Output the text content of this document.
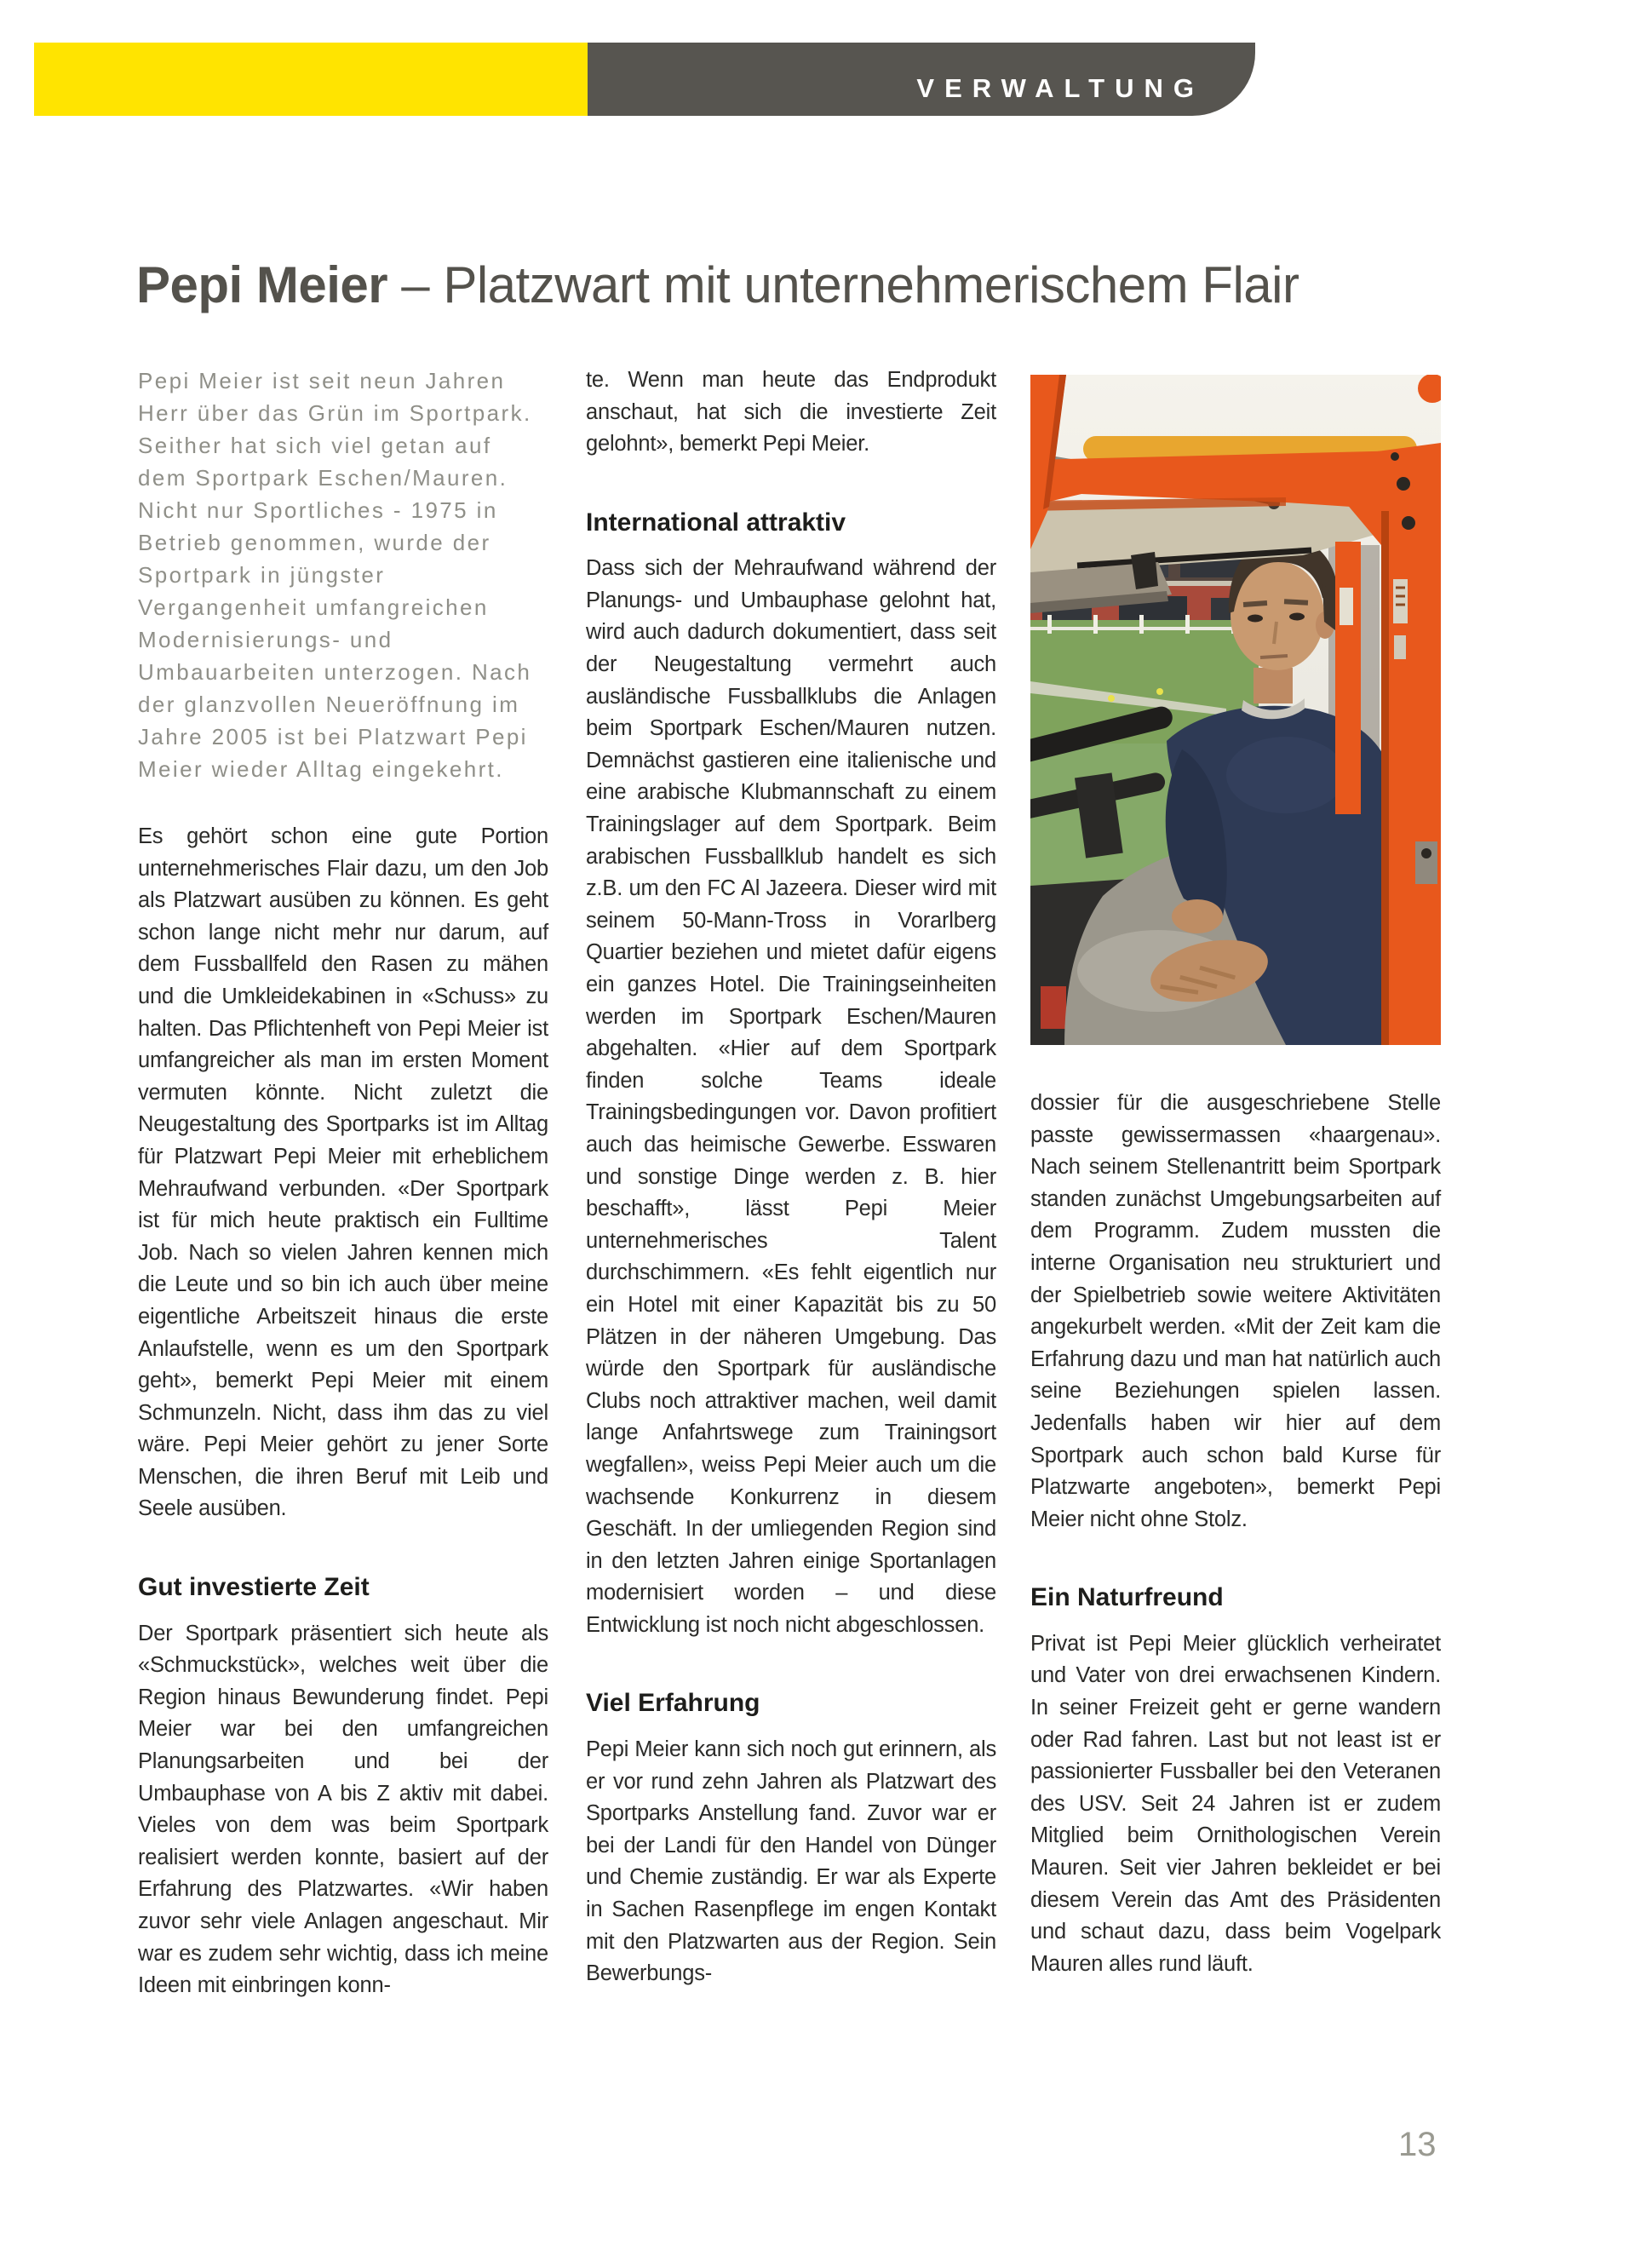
VERWALTUNG
Pepi Meier – Platzwart mit unternehmerischem Flair

Pepi Meier ist seit neun Jahren Herr über das Grün im Sportpark. Seither hat sich viel getan auf dem Sportpark Eschen/Mauren. Nicht nur Sportliches - 1975 in Betrieb genommen, wurde der Sportpark in jüngster Vergangenheit umfangreichen Modernisierungs- und Umbauarbeiten unterzogen. Nach der glanzvollen Neueröffnung im Jahre 2005 ist bei Platzwart Pepi Meier wieder Alltag eingekehrt.

Es gehört schon eine gute Portion unternehmerisches Flair dazu, um den Job als Platzwart ausüben zu können. Es geht schon lange nicht mehr nur darum, auf dem Fussballfeld den Rasen zu mähen und die Umkleidekabinen in «Schuss» zu halten. Das Pflichtenheft von Pepi Meier ist umfangreicher als man im ersten Moment vermuten könnte. Nicht zuletzt die Neugestaltung des Sportparks ist im Alltag für Platzwart Pepi Meier mit erheblichem Mehraufwand verbunden. «Der Sportpark ist für mich heute praktisch ein Fulltime Job. Nach so vielen Jahren kennen mich die Leute und so bin ich auch über meine eigentliche Arbeitszeit hinaus die erste Anlaufstelle, wenn es um den Sportpark geht», bemerkt Pepi Meier mit einem Schmunzeln. Nicht, dass ihm das zu viel wäre. Pepi Meier gehört zu jener Sorte Menschen, die ihren Beruf mit Leib und Seele ausüben.

Gut investierte Zeit

Der Sportpark präsentiert sich heute als «Schmuckstück», welches weit über die Region hinaus Bewunderung findet. Pepi Meier war bei den umfangreichen Planungsarbeiten und bei der Umbauphase von A bis Z aktiv mit dabei. Vieles von dem was beim Sportpark realisiert werden konnte, basiert auf der Erfahrung des Platzwartes. «Wir haben zuvor sehr viele Anlagen angeschaut. Mir war es zudem sehr wichtig, dass ich meine Ideen mit einbringen konn-

te. Wenn man heute das Endprodukt anschaut, hat sich die investierte Zeit gelohnt», bemerkt Pepi Meier.

International attraktiv

Dass sich der Mehraufwand während der Planungs- und Umbauphase gelohnt hat, wird auch dadurch dokumentiert, dass seit der Neugestaltung vermehrt auch ausländische Fussballklubs die Anlagen beim Sportpark Eschen/Mauren nutzen. Demnächst gastieren eine italienische und eine arabische Klubmannschaft zu einem Trainingslager auf dem Sportpark. Beim arabischen Fussballklub handelt es sich z.B. um den FC Al Jazeera. Dieser wird mit seinem 50-Mann-Tross in Vorarlberg Quartier beziehen und mietet dafür eigens ein ganzes Hotel. Die Trainingseinheiten werden im Sportpark Eschen/Mauren abgehalten. «Hier auf dem Sportpark finden solche Teams ideale Trainingsbedingungen vor. Davon profitiert auch das heimische Gewerbe. Esswaren und sonstige Dinge werden z. B. hier beschafft», lässt Pepi Meier unternehmerisches Talent durchschimmern. «Es fehlt eigentlich nur ein Hotel mit einer Kapazität bis zu 50 Plätzen in der näheren Umgebung. Das würde den Sportpark für ausländische Clubs noch attraktiver machen, weil damit lange Anfahrtswege zum Trainingsort wegfallen», weiss Pepi Meier auch um die wachsende Konkurrenz in diesem Geschäft. In der umliegenden Region sind in den letzten Jahren einige Sportanlagen modernisiert worden – und diese Entwicklung ist noch nicht abgeschlossen.

Viel Erfahrung

Pepi Meier kann sich noch gut erinnern, als er vor rund zehn Jahren als Platzwart des Sportparks Anstellung fand. Zuvor war er bei der Landi für den Handel von Dünger und Chemie zuständig. Er war als Experte in Sachen Rasenpflege im engen Kontakt mit den Platzwarten aus der Region. Sein Bewerbungs-

dossier für die ausgeschriebene Stelle passte gewissermassen «haargenau». Nach seinem Stellenantritt beim Sportpark standen zunächst Umgebungsarbeiten auf dem Programm. Zudem mussten die interne Organisation neu strukturiert und der Spielbetrieb sowie weitere Aktivitäten angekurbelt werden. «Mit der Zeit kam die Erfahrung dazu und man hat natürlich auch seine Beziehungen spielen lassen. Jedenfalls haben wir hier auf dem Sportpark auch schon bald Kurse für Platzwarte angeboten», bemerkt Pepi Meier nicht ohne Stolz.

Ein Naturfreund

Privat ist Pepi Meier glücklich verheiratet und Vater von drei erwachsenen Kindern. In seiner Freizeit geht er gerne wandern oder Rad fahren. Last but not least ist er passionierter Fussballer bei den Veteranen des USV. Seit 24 Jahren ist er zudem Mitglied beim Ornithologischen Verein Mauren. Seit vier Jahren bekleidet er bei diesem Verein das Amt des Präsidenten und schaut dazu, dass beim Vogelpark Mauren alles rund läuft.

13
